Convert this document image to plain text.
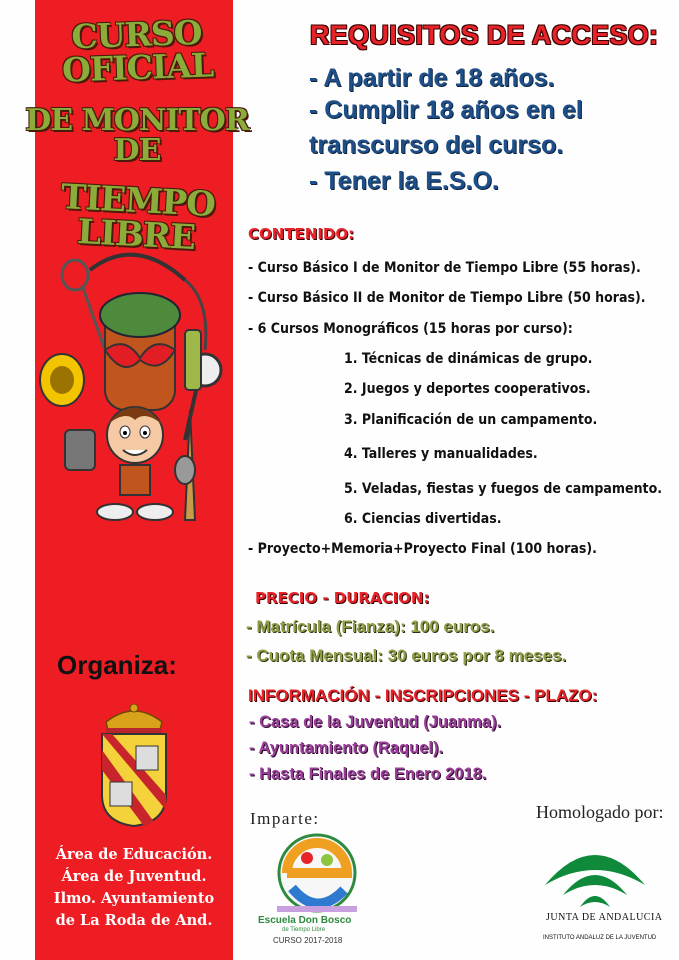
CURSO OFICIAL
DE MONITOR DE
TIEMPO LIBRE
Organiza:
Área de Educación.
Área de Juventud.
Ilmo. Ayuntamiento
de La Roda de And.
REQUISITOS DE ACCESO:
- A partir de 18 años.
- Cumplir 18 años en el
transcurso del curso.
- Tener la E.S.O.
CONTENIDO:
- Curso Básico I de Monitor de Tiempo Libre (55 horas).
- Curso Básico II de Monitor de Tiempo Libre (50 horas).
- 6 Cursos Monográficos (15 horas por curso):
1. Técnicas de dinámicas de grupo.
2. Juegos y deportes cooperativos.
3. Planificación de un campamento.
4. Talleres y manualidades.
5. Veladas, fiestas y fuegos de campamento.
6. Ciencias divertidas.
- Proyecto+Memoria+Proyecto Final (100 horas).
PRECIO - DURACION:
- Matrícula (Fianza): 100 euros.
- Cuota Mensual: 30 euros por 8 meses.
INFORMACIÓN - INSCRIPCIONES - PLAZO:
- Casa de la Juventud (Juanma).
- Ayuntamiento (Raquel).
- Hasta Finales de Enero 2018.
Imparte:	Homologado por:
Escuela Don Bosco
de Tiempo Libre
CURSO 2017-2018
JUNTA DE ANDALUCIA
INSTITUTO ANDALUZ DE LA JUVENTUD
